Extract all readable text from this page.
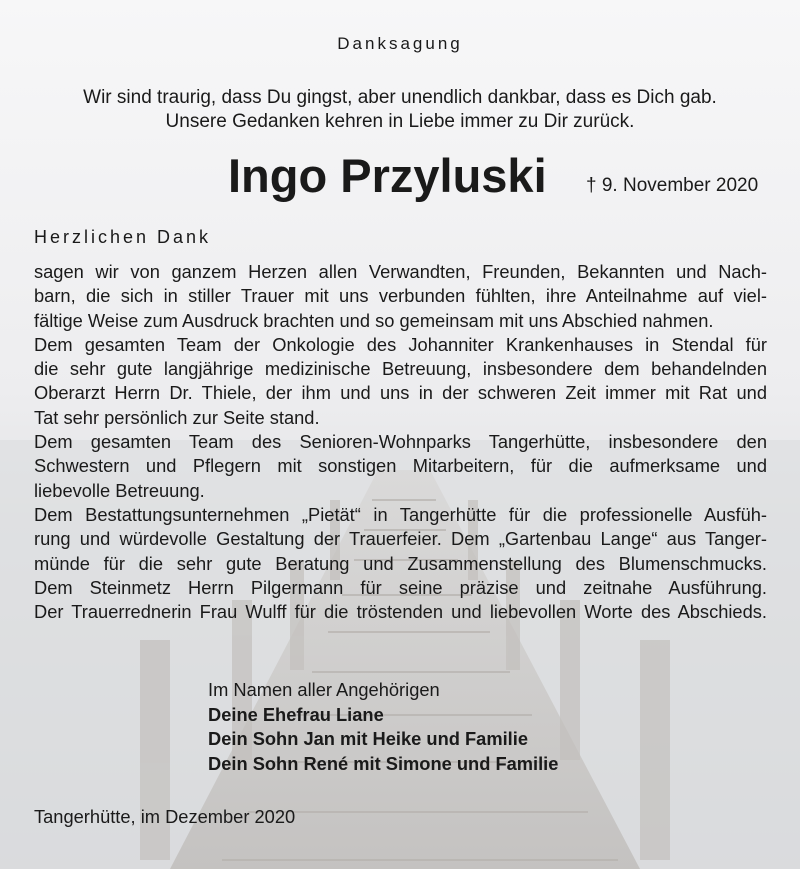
Danksagung
Wir sind traurig, dass Du gingst, aber unendlich dankbar, dass es Dich gab.
Unsere Gedanken kehren in Liebe immer zu Dir zurück.
Ingo Przyluski † 9. November 2020
Herzlichen Dank
sagen wir von ganzem Herzen allen Verwandten, Freunden, Bekannten und Nach-
barn, die sich in stiller Trauer mit uns verbunden fühlten, ihre Anteilnahme auf viel-
fältige Weise zum Ausdruck brachten und so gemeinsam mit uns Abschied nahmen.
Dem gesamten Team der Onkologie des Johanniter Krankenhauses in Stendal für
die sehr gute langjährige medizinische Betreuung, insbesondere dem behandelnden
Oberarzt Herrn Dr. Thiele, der ihm und uns in der schweren Zeit immer mit Rat und
Tat sehr persönlich zur Seite stand.
Dem gesamten Team des Senioren-Wohnparks Tangerhütte, insbesondere den
Schwestern und Pflegern mit sonstigen Mitarbeitern, für die aufmerksame und
liebevolle Betreuung.
Dem Bestattungsunternehmen „Pietät“ in Tangerhütte für die professionelle Ausfüh-
rung und würdevolle Gestaltung der Trauerfeier. Dem „Gartenbau Lange“ aus Tanger-
münde für die sehr gute Beratung und Zusammenstellung des Blumenschmucks.
Dem Steinmetz Herrn Pilgermann für seine präzise und zeitnahe Ausführung.
Der Trauerrednerin Frau Wulff für die tröstenden und liebevollen Worte des Abschieds.
Im Namen aller Angehörigen
Deine Ehefrau Liane
Dein Sohn Jan mit Heike und Familie
Dein Sohn René mit Simone und Familie
Tangerhütte, im Dezember 2020
